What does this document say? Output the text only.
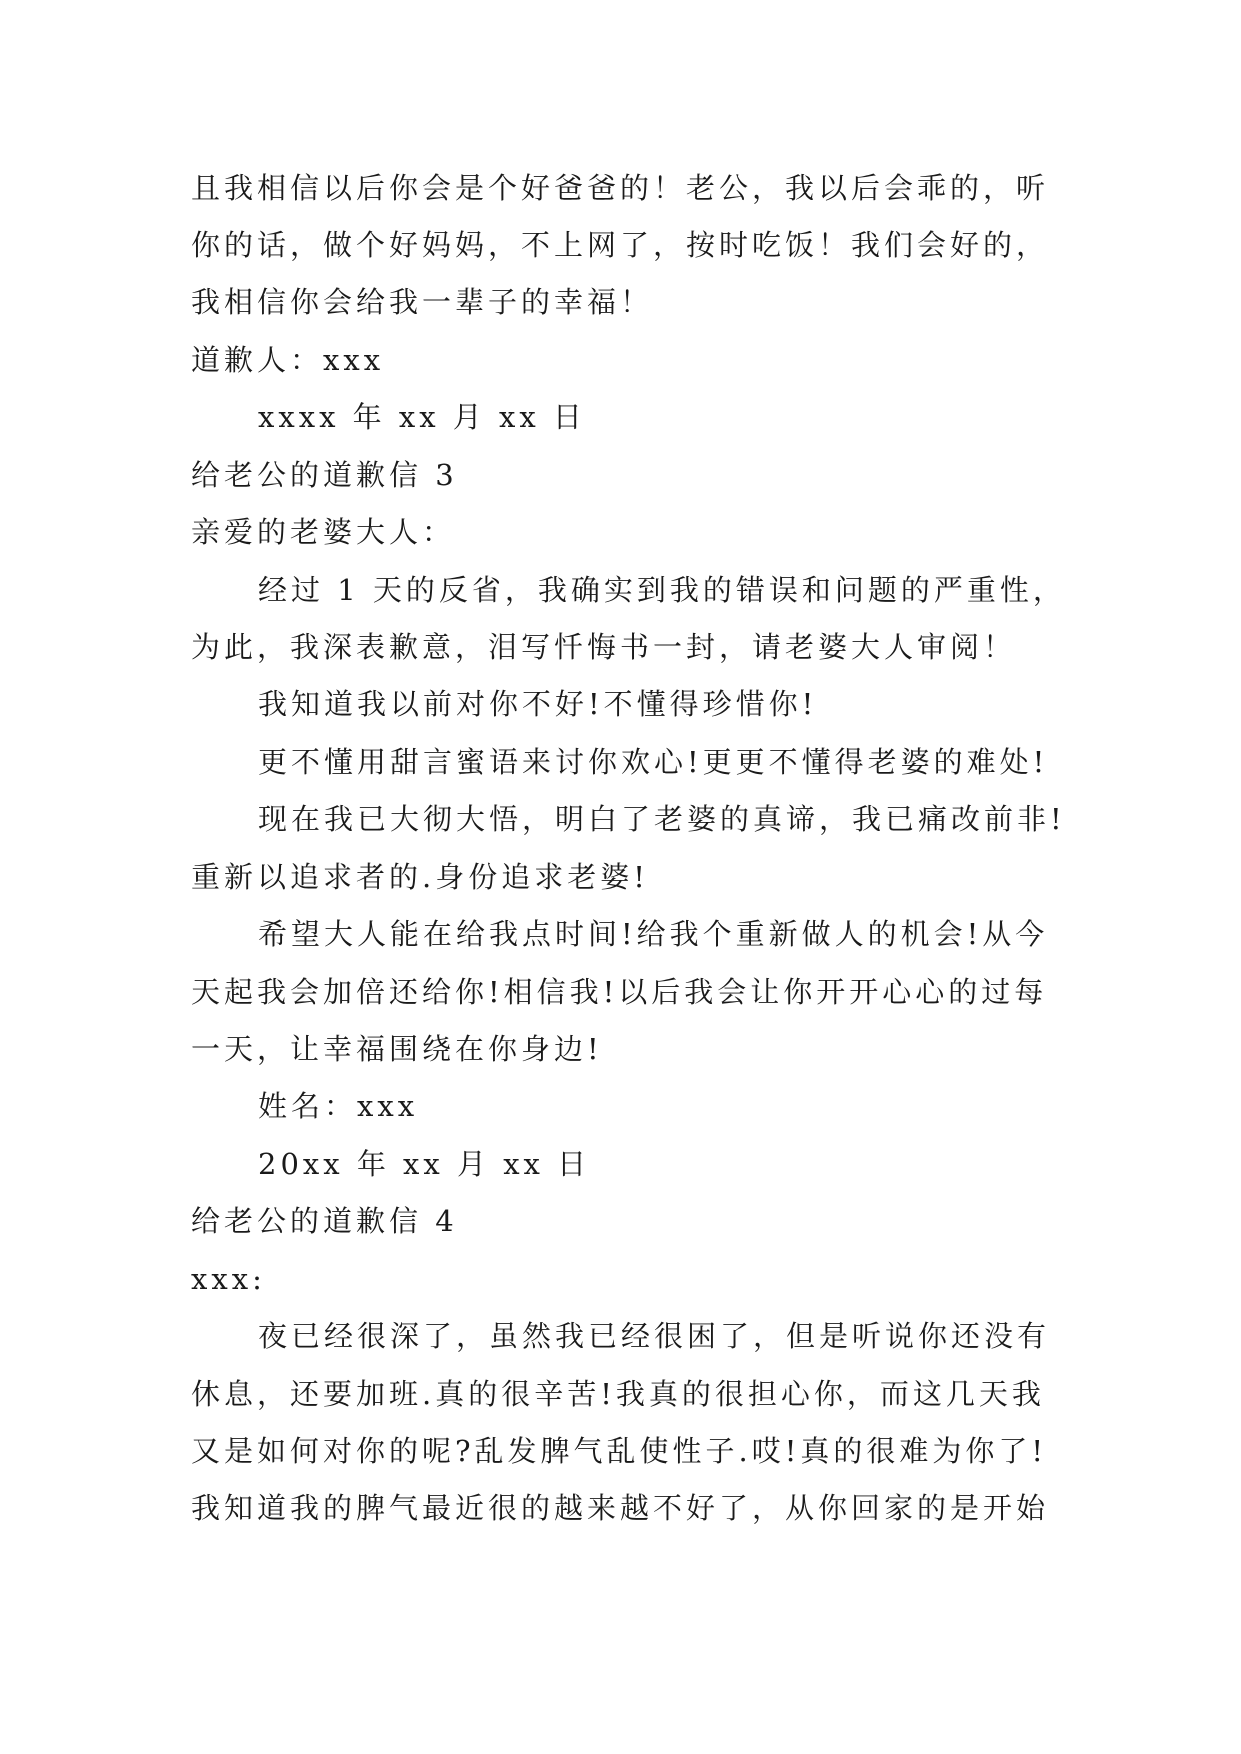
且我相信以后你会是个好爸爸的！老公，我以后会乖的，听
你的话，做个好妈妈，不上网了，按时吃饭！我们会好的，
我相信你会给我一辈子的幸福！
道歉人：xxx
xxxx 年 xx 月 xx 日
给老公的道歉信 3
亲爱的老婆大人：
经过 1 天的反省，我确实到我的错误和问题的严重性，
为此，我深表歉意，泪写忏悔书一封，请老婆大人审阅！
我知道我以前对你不好!不懂得珍惜你!
更不懂用甜言蜜语来讨你欢心!更更不懂得老婆的难处!
现在我已大彻大悟，明白了老婆的真谛，我已痛改前非!
重新以追求者的.身份追求老婆!
希望大人能在给我点时间!给我个重新做人的机会!从今
天起我会加倍还给你!相信我!以后我会让你开开心心的过每
一天，让幸福围绕在你身边!
姓名：xxx
20xx 年 xx 月 xx 日
给老公的道歉信 4
xxx:
夜已经很深了，虽然我已经很困了，但是听说你还没有
休息，还要加班.真的很辛苦!我真的很担心你，而这几天我
又是如何对你的呢?乱发脾气乱使性子.哎!真的很难为你了!
我知道我的脾气最近很的越来越不好了，从你回家的是开始
